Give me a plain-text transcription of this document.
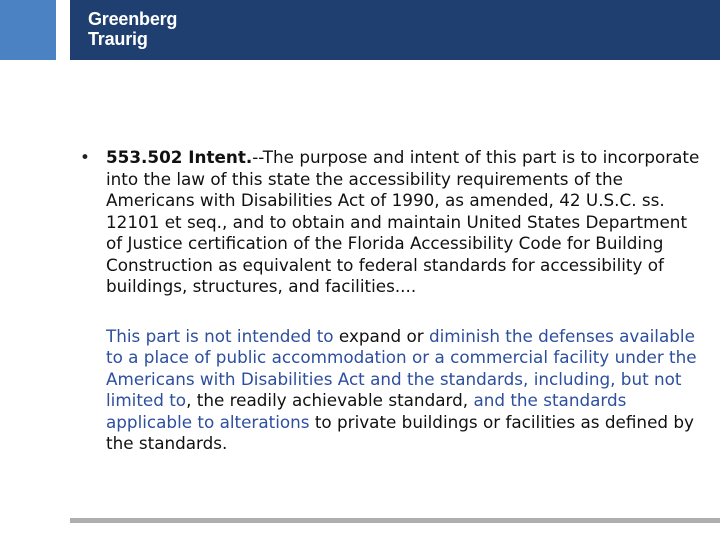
Greenberg
Traurig
• 553.502 Intent.--The purpose and intent of this part is to incorporate into the law of this state the accessibility requirements of the Americans with Disabilities Act of 1990, as amended, 42 U.S.C. ss. 12101 et seq., and to obtain and maintain United States Department of Justice certification of the Florida Accessibility Code for Building Construction as equivalent to federal standards for accessibility of buildings, structures, and facilities....
This part is not intended to expand or diminish the defenses available to a place of public accommodation or a commercial facility under the Americans with Disabilities Act and the standards, including, but not limited to, the readily achievable standard, and the standards applicable to alterations to private buildings or facilities as defined by the standards.
